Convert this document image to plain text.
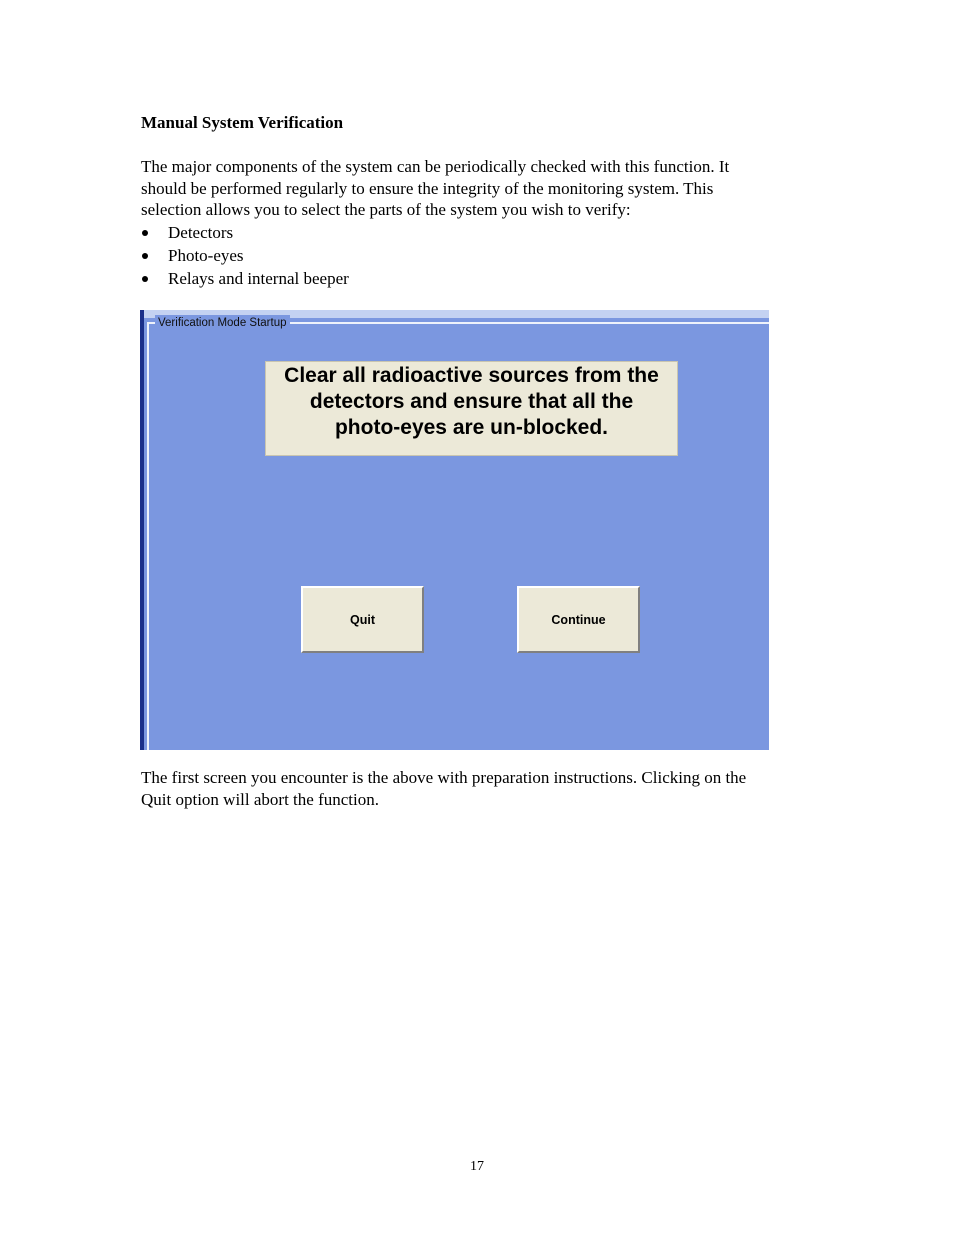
Manual System Verification
The major components of the system can be periodically checked with this function. It
should be performed regularly to ensure the integrity of the monitoring system. This
selection allows you to select the parts of the system you wish to verify:
Detectors
Photo-eyes
Relays and internal beeper
Verification Mode Startup
Clear all radioactive sources from the
detectors and ensure that all the
photo-eyes are un-blocked.
Quit	Continue
The first screen you encounter is the above with preparation instructions. Clicking on the
Quit option will abort the function.
17
